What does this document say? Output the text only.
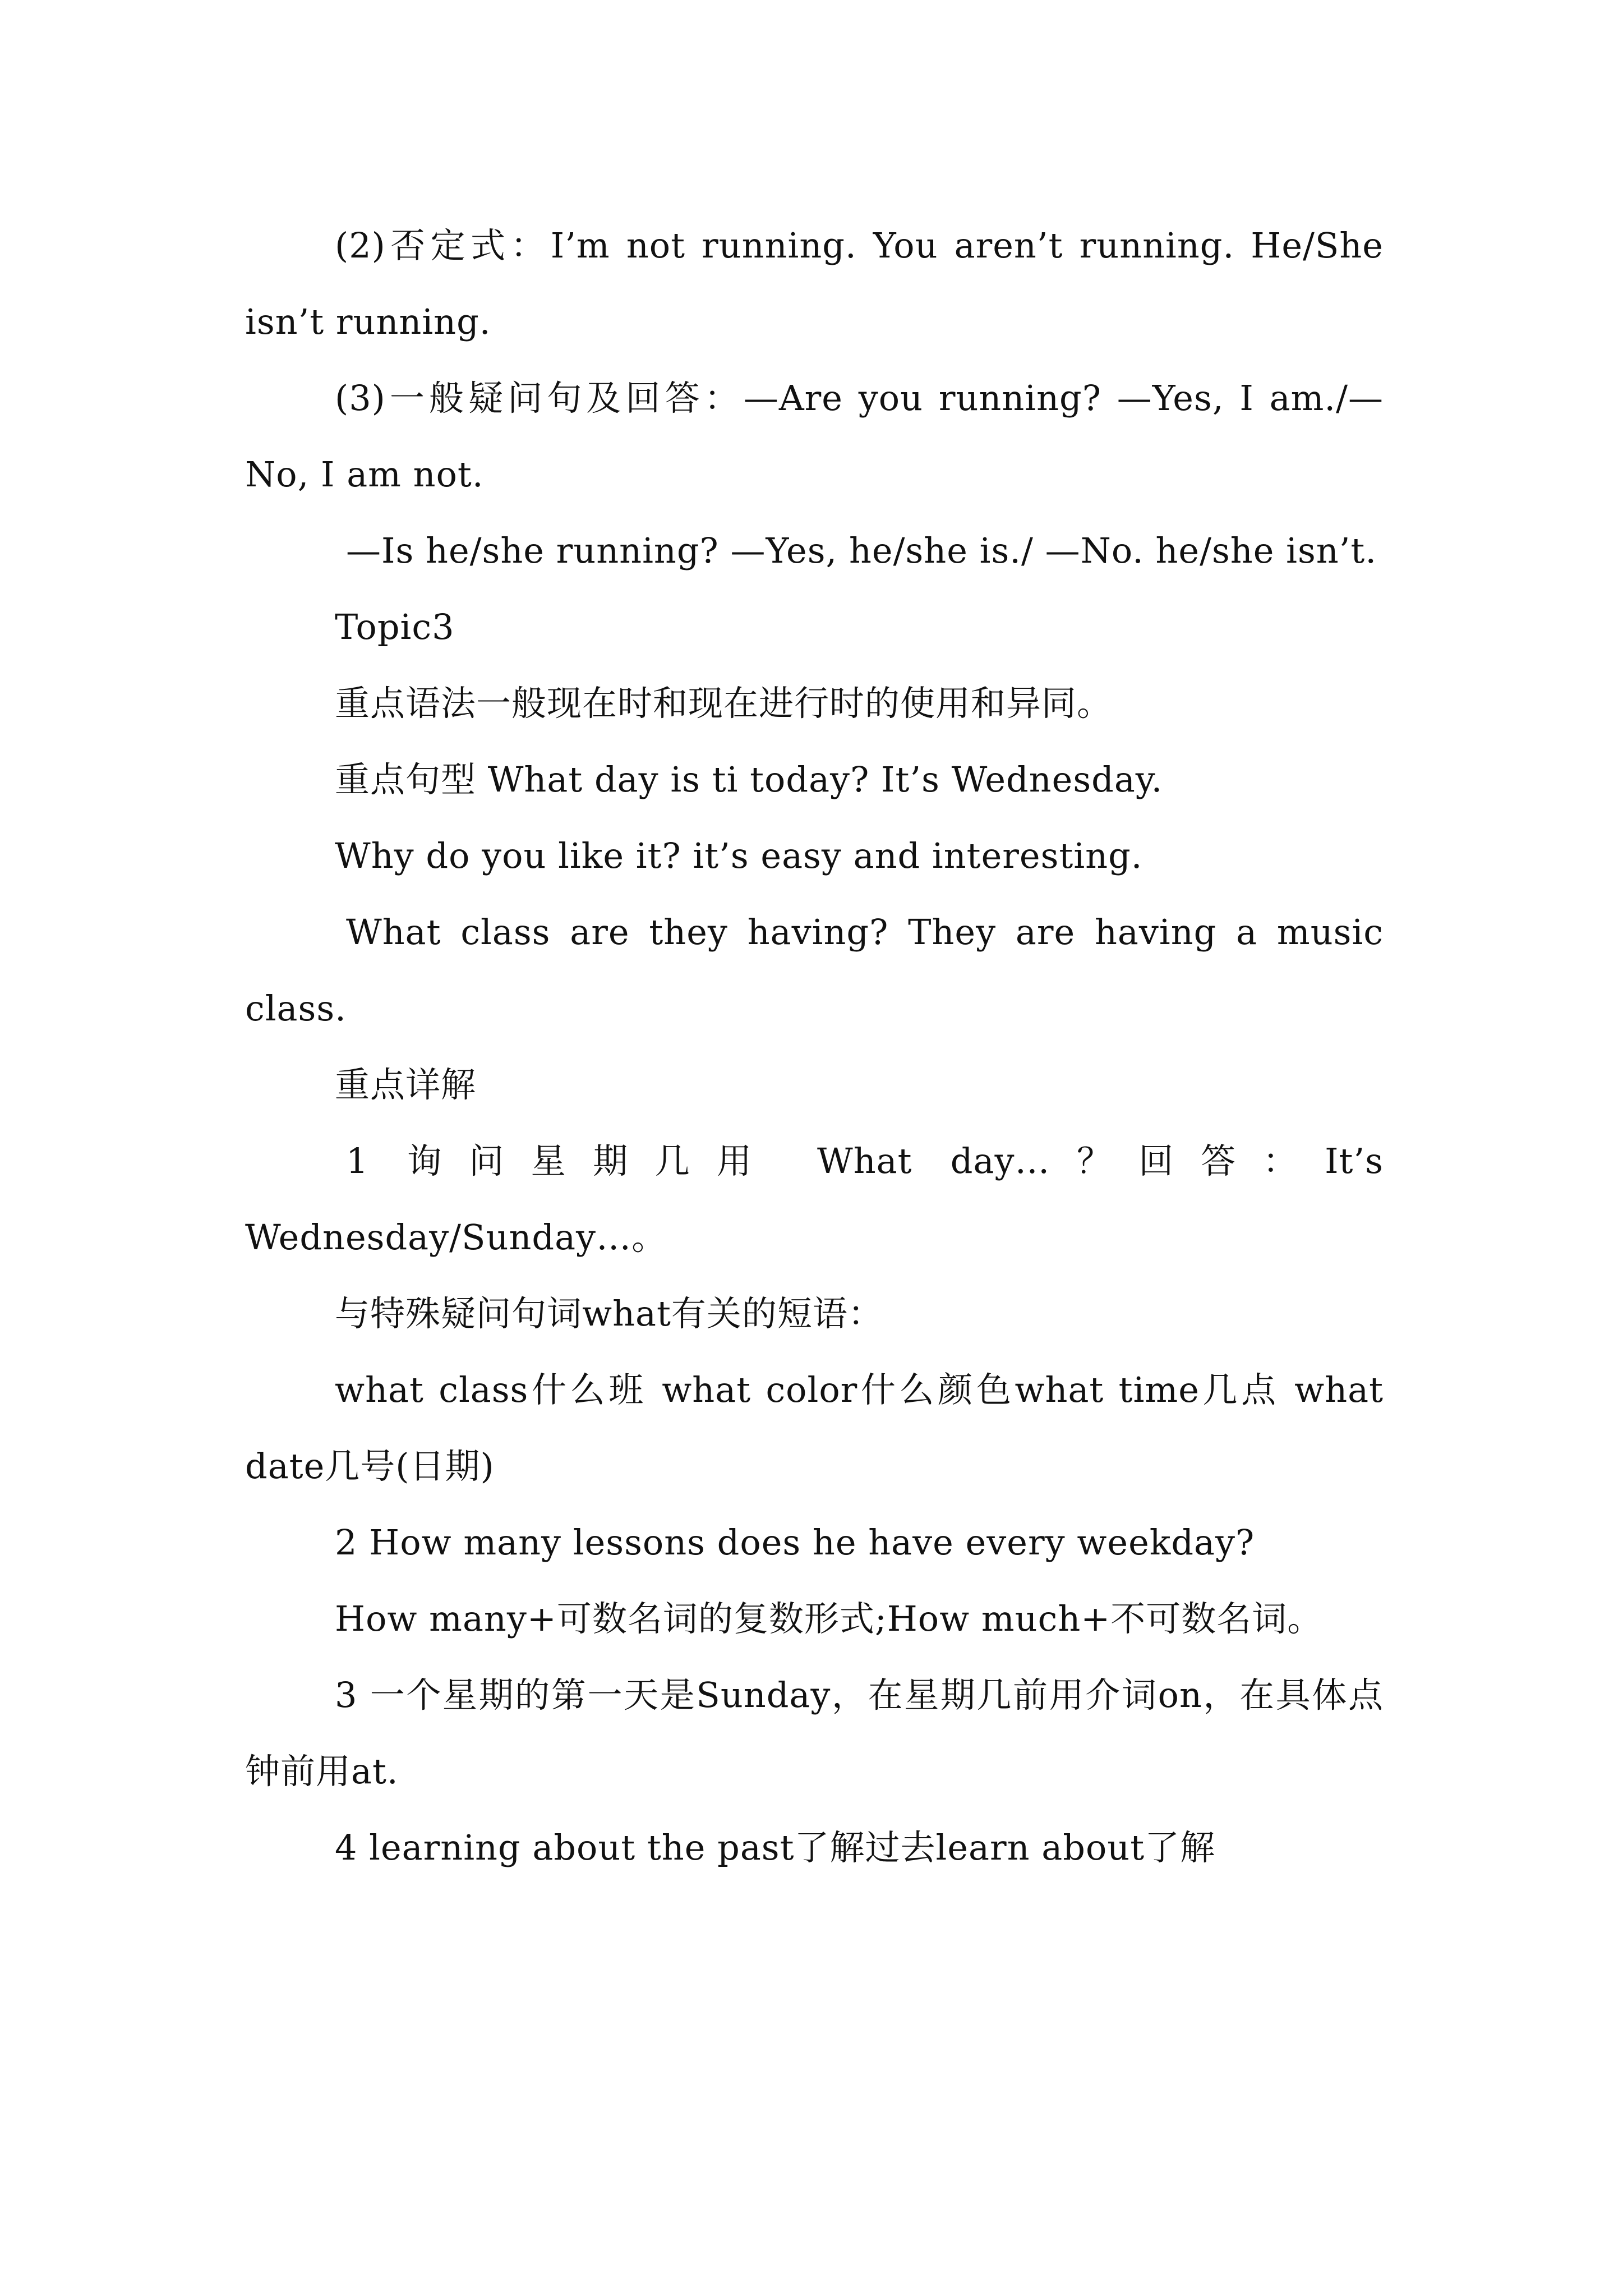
(2)否定式：I’m not running. You aren’t running. He/She isn’t running.

(3)一般疑问句及回答：—Are you running? —Yes, I am./—No, I am not.

—Is he/she running? —Yes, he/she is./ —No. he/she isn’t.

Topic3

重点语法一般现在时和现在进行时的使用和异同。

重点句型 What day is ti today? It’s Wednesday.

Why do you like it? it’s easy and interesting.

What class are they having? They are having a music class.

重点详解

1 询问星期几用 What day…？回答：It’s Wednesday/Sunday…。

与特殊疑问句词what有关的短语：

what class什么班 what color什么颜色what time几点 what date几号(日期)

2 How many lessons does he have every weekday?

How many+可数名词的复数形式;How much+不可数名词。

3 一个星期的第一天是Sunday，在星期几前用介词on，在具体点钟前用at.

4 learning about the past了解过去learn about了解
